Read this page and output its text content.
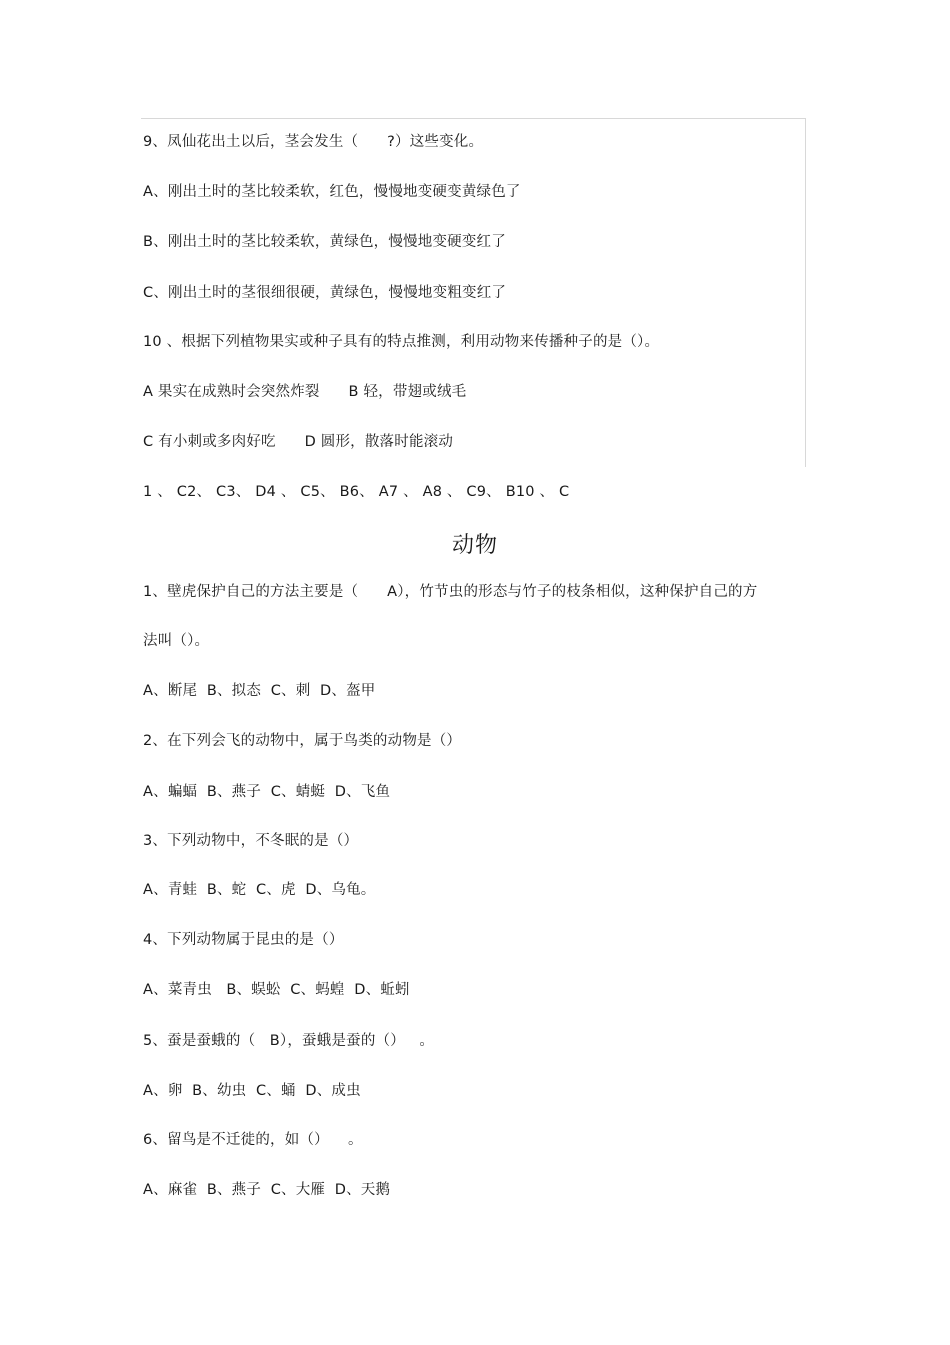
9、凤仙花出土以后，茎会发生（      ?）这些变化。
A、刚出土时的茎比较柔软，红色，慢慢地变硬变黄绿色了
B、刚出土时的茎比较柔软，黄绿色，慢慢地变硬变红了
C、刚出土时的茎很细很硬，黄绿色，慢慢地变粗变红了
10 、根据下列植物果实或种子具有的特点推测，利用动物来传播种子的是（）。
A 果实在成熟时会突然炸裂      B 轻，带翅或绒毛
C 有小刺或多肉好吃      D 圆形，散落时能滚动
1 、 C2、 C3、 D4 、 C5、 B6、 A7 、 A8 、 C9、 B10 、 C
动物
1、壁虎保护自己的方法主要是（      A），竹节虫的形态与竹子的枝条相似，这种保护自己的方
法叫（）。
A、断尾  B、拟态  C、刺  D、盔甲
2、在下列会飞的动物中，属于鸟类的动物是（）
A、蝙蝠  B、燕子  C、蜻蜓  D、飞鱼
3、下列动物中，不冬眠的是（）
A、青蛙  B、蛇  C、虎  D、乌龟。
4、下列动物属于昆虫的是（）
A、菜青虫   B、蜈蚣  C、蚂蝗  D、蚯蚓
5、蚕是蚕蛾的（   B），蚕蛾是蚕的（）   。
A、卵  B、幼虫  C、蛹  D、成虫
6、留鸟是不迁徙的，如（）    。
A、麻雀  B、燕子  C、大雁  D、天鹅
